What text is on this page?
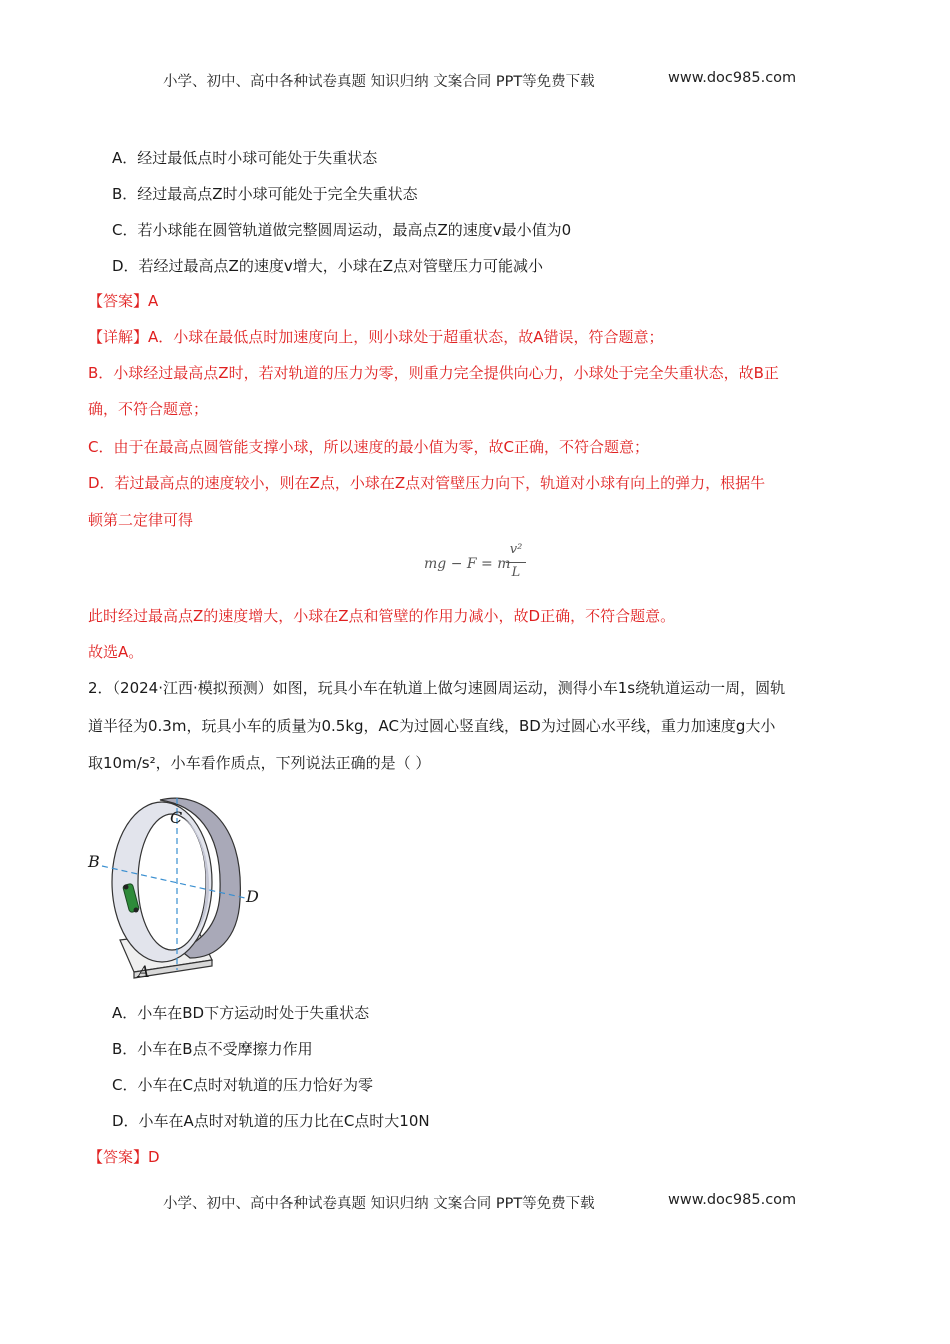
小学、初中、高中各种试卷真题 知识归纳 文案合同 PPT等免费下载	www.doc985.com
A．经过最低点时小球可能处于失重状态
B．经过最高点Z时小球可能处于完全失重状态
C．若小球能在圆管轨道做完整圆周运动，最高点Z的速度v最小值为0
D．若经过最高点Z的速度v增大，小球在Z点对管壁压力可能减小
【答案】A
【详解】A．小球在最低点时加速度向上，则小球处于超重状态，故A错误，符合题意；
B．小球经过最高点Z时，若对轨道的压力为零，则重力完全提供向心力，小球处于完全失重状态，故B正
确，不符合题意；
C．由于在最高点圆管能支撑小球，所以速度的最小值为零，故C正确，不符合题意；
D．若过最高点的速度较小，则在Z点，小球在Z点对管壁压力向下，轨道对小球有向上的弹力，根据牛
顿第二定律可得
mg − F = m
v²
L
此时经过最高点Z的速度增大，小球在Z点和管壁的作用力减小，故D正确，不符合题意。
故选A。
2．（2024·江西·模拟预测）如图，玩具小车在轨道上做匀速圆周运动，测得小车1s绕轨道运动一周，圆轨
道半径为0.3m，玩具小车的质量为0.5kg，AC为过圆心竖直线，BD为过圆心水平线，重力加速度g大小
取10m/s²，小车看作质点，下列说法正确的是（ ）
C
B
D
A
A．小车在BD下方运动时处于失重状态
B．小车在B点不受摩擦力作用
C．小车在C点时对轨道的压力恰好为零
D．小车在A点时对轨道的压力比在C点时大10N
【答案】D
小学、初中、高中各种试卷真题 知识归纳 文案合同 PPT等免费下载	www.doc985.com
